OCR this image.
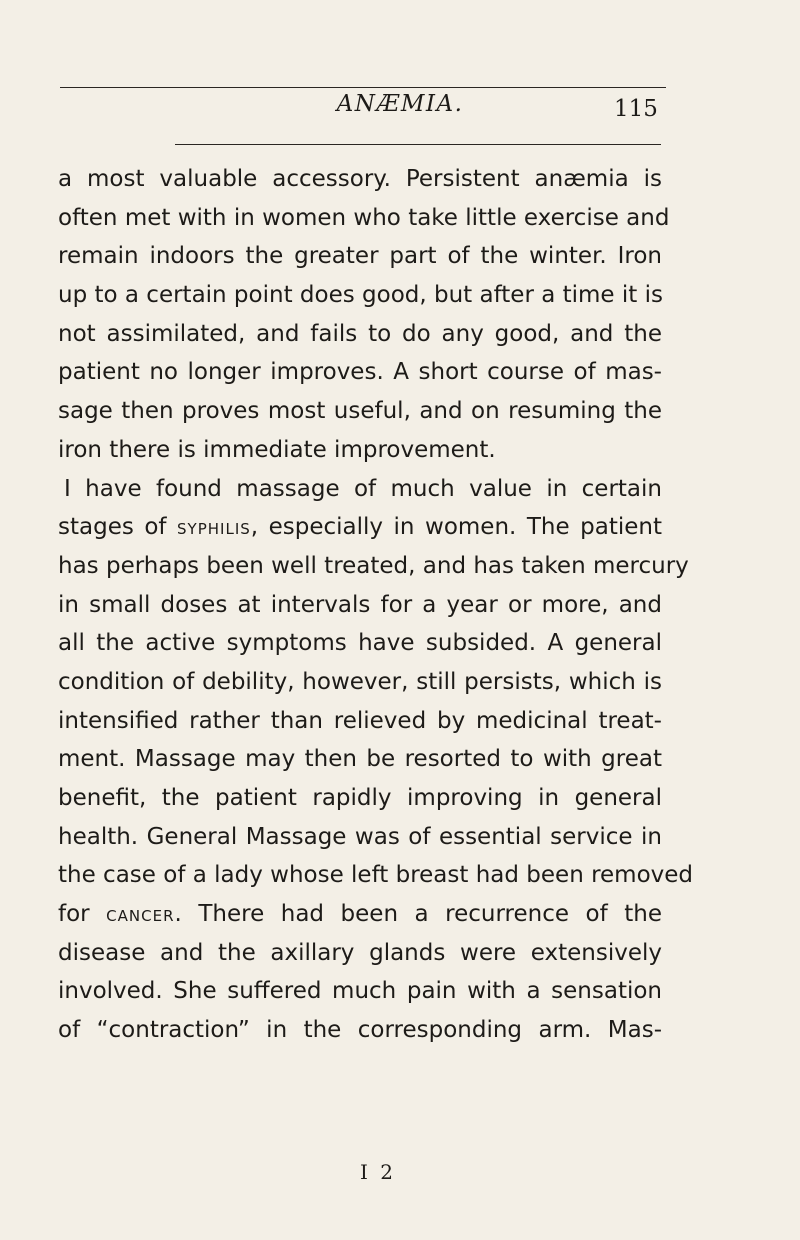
ANÆMIA.	115
a most valuable accessory. Persistent anæmia is
often met with in women who take little exercise and
remain indoors the greater part of the winter. Iron
up to a certain point does good, but after a time it is
not assimilated, and fails to do any good, and the
patient no longer improves. A short course of mas-
sage then proves most useful, and on resuming the
iron there is immediate improvement.
I have found massage of much value in certain
stages of SYPHILIS, especially in women. The patient
has perhaps been well treated, and has taken mercury
in small doses at intervals for a year or more, and
all the active symptoms have subsided. A general
condition of debility, however, still persists, which is
intensified rather than relieved by medicinal treat-
ment. Massage may then be resorted to with great
benefit, the patient rapidly improving in general
health. General Massage was of essential service in
the case of a lady whose left breast had been removed
for CANCER. There had been a recurrence of the
disease and the axillary glands were extensively
involved. She suffered much pain with a sensation
of “contraction” in the corresponding arm. Mas-
I 2
